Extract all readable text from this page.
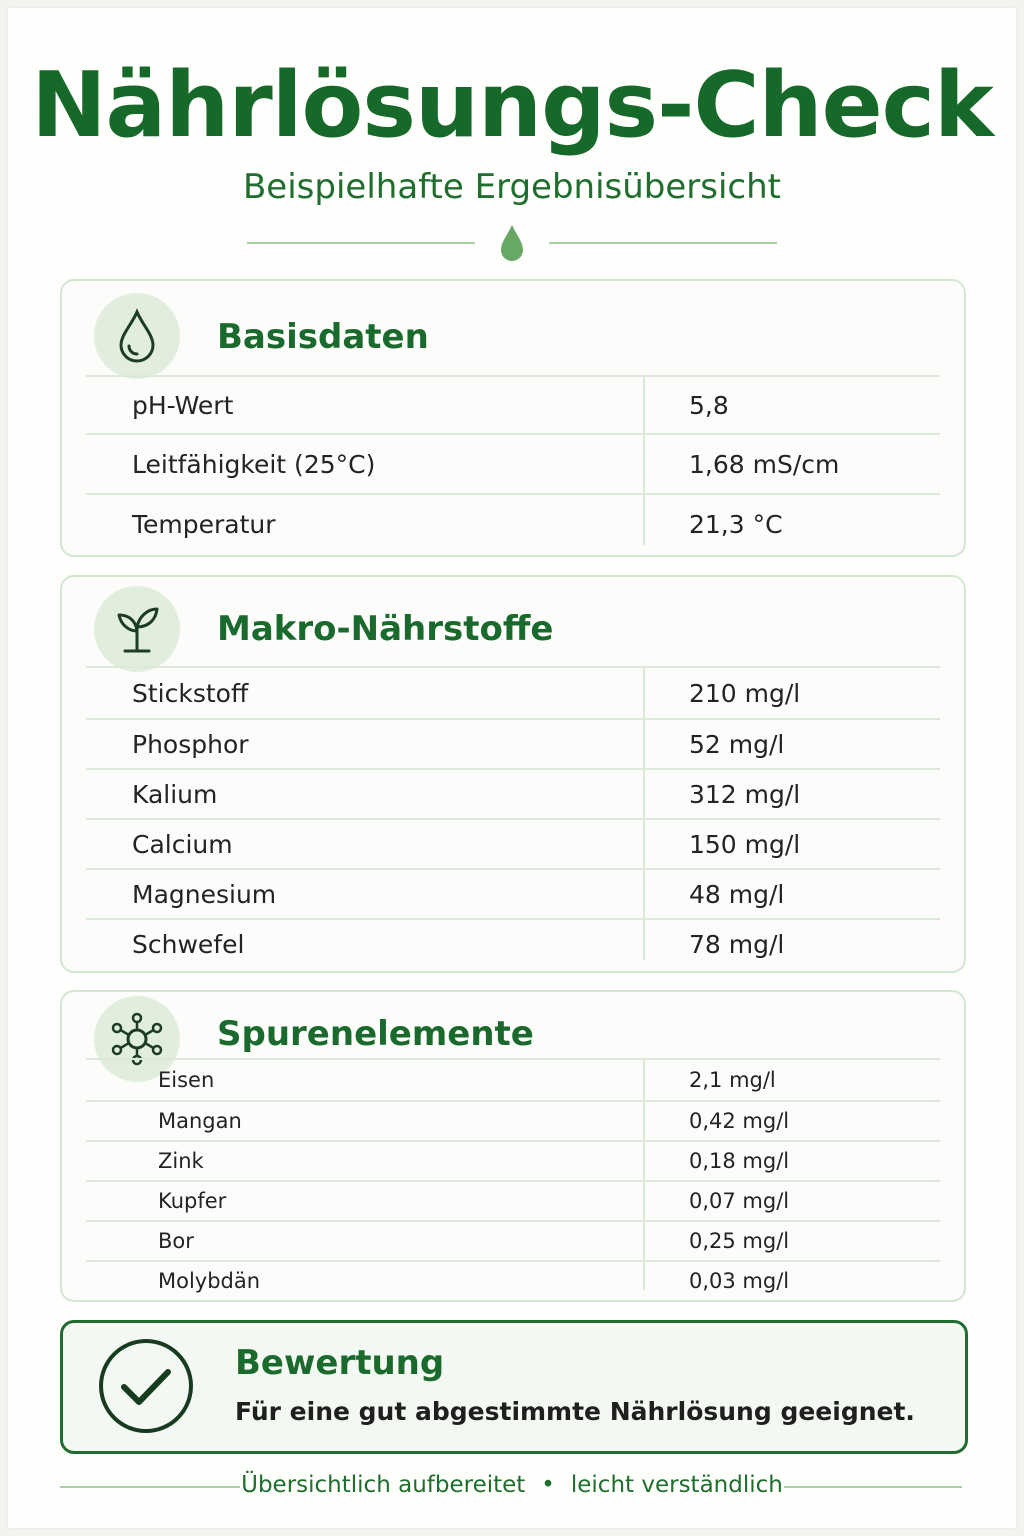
Nährlösungs-Check
Beispielhafte Ergebnisübersicht
Basisdaten
pH-Wert	5,8
Leitfähigkeit (25°C)	1,68 mS/cm
Temperatur	21,3 °C
Makro-Nährstoffe
Stickstoff	210 mg/l
Phosphor	52 mg/l
Kalium	312 mg/l
Calcium	150 mg/l
Magnesium	48 mg/l
Schwefel	78 mg/l
Spurenelemente
Eisen	2,1 mg/l
Mangan	0,42 mg/l
Zink	0,18 mg/l
Kupfer	0,07 mg/l
Bor	0,25 mg/l
Molybdän	0,03 mg/l
Bewertung
Für eine gut abgestimmte Nährlösung geeignet.
Übersichtlich aufbereitet • leicht verständlich
